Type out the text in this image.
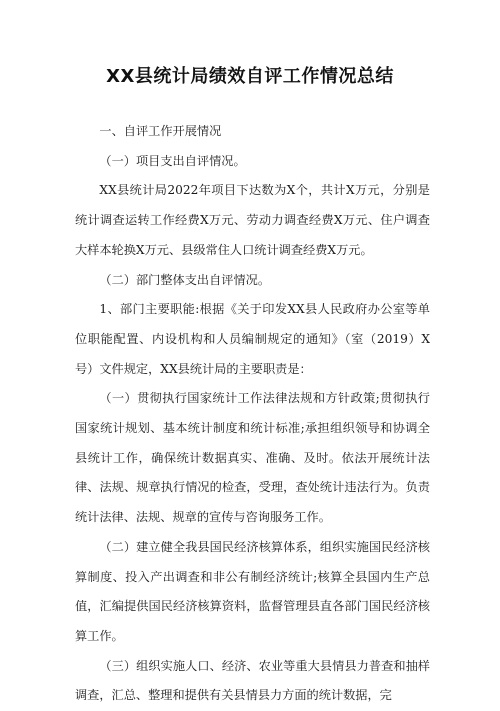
XX县统计局绩效自评工作情况总结

一、自评工作开展情况

（一）项目支出自评情况。

XX县统计局2022年项目下达数为X个，共计X万元，分别是统计调查运转工作经费X万元、劳动力调查经费X万元、住户调查大样本轮换X万元、县级常住人口统计调查经费X万元。

（二）部门整体支出自评情况。

1、部门主要职能:根据《关于印发XX县人民政府办公室等单位职能配置、内设机构和人员编制规定的通知》（室（2019）X号）文件规定，XX县统计局的主要职责是：

（一）贯彻执行国家统计工作法律法规和方针政策;贯彻执行国家统计规划、基本统计制度和统计标准;承担组织领导和协调全县统计工作，确保统计数据真实、准确、及时。依法开展统计法律、法规、规章执行情况的检查，受理，查处统计违法行为。负责统计法律、法规、规章的宣传与咨询服务工作。

（二）建立健全我县国民经济核算体系，组织实施国民经济核算制度、投入产出调查和非公有制经济统计;核算全县国内生产总值，汇编提供国民经济核算资料，监督管理县直各部门国民经济核算工作。

（三）组织实施人口、经济、农业等重大县情县力普查和抽样调查，汇总、整理和提供有关县情县力方面的统计数据，完
